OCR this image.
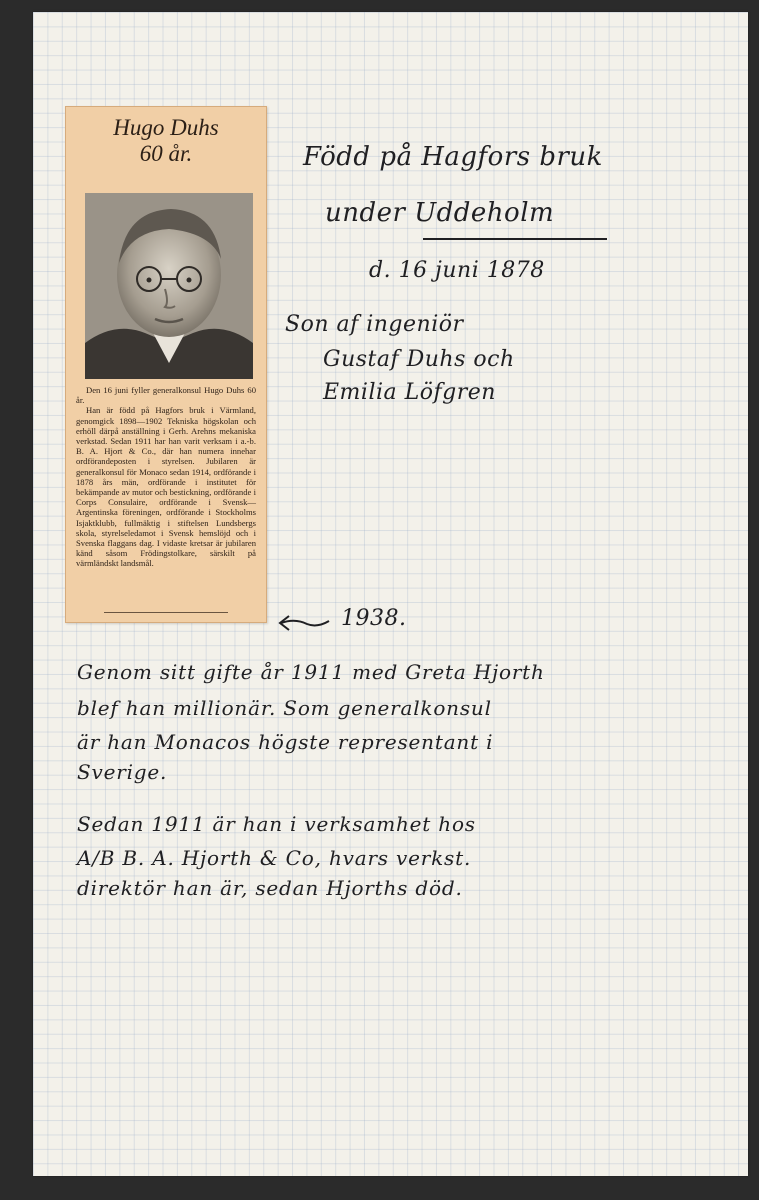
Hugo Duhs
60 år.

Den 16 juni fyller generalkonsul Hugo Duhs 60 år.

Han är född på Hagfors bruk i Värmland, genomgick 1898—1902 Tekniska högskolan och erhöll därpå anställning i Gerh. Arehns mekaniska verkstad. Sedan 1911 har han varit verksam i a.-b. B. A. Hjort & Co., där han numera innehar ordförandeposten i styrelsen. Jubilaren är generalkonsul för Monaco sedan 1914, ordförande i 1878 års män, ordförande i institutet för bekämpande av mutor och bestickning, ordförande i Corps Consulaire, ordförande i Svensk—Argentinska föreningen, ordförande i Stockholms Isjaktklubb, fullmäktig i stiftelsen Lundsbergs skola, styrelseledamot i Svensk hemslöjd och i Svenska flaggans dag. I vidaste kretsar är jubilaren känd såsom Frödingstolkare, särskilt på värmländskt landsmål.

Född på Hagfors bruk
under Uddeholm
d. 16 juni 1878
Son af ingeniör
Gustaf Duhs och
Emilia Löfgren
1938.
Genom sitt gifte år 1911 med Greta Hjorth
blef han millionär. Som generalkonsul
är han Monacos högste representant i
Sverige.
Sedan 1911 är han i verksamhet hos
A/B B. A. Hjorth & Co, hvars verkst.
direktör han är, sedan Hjorths död.
